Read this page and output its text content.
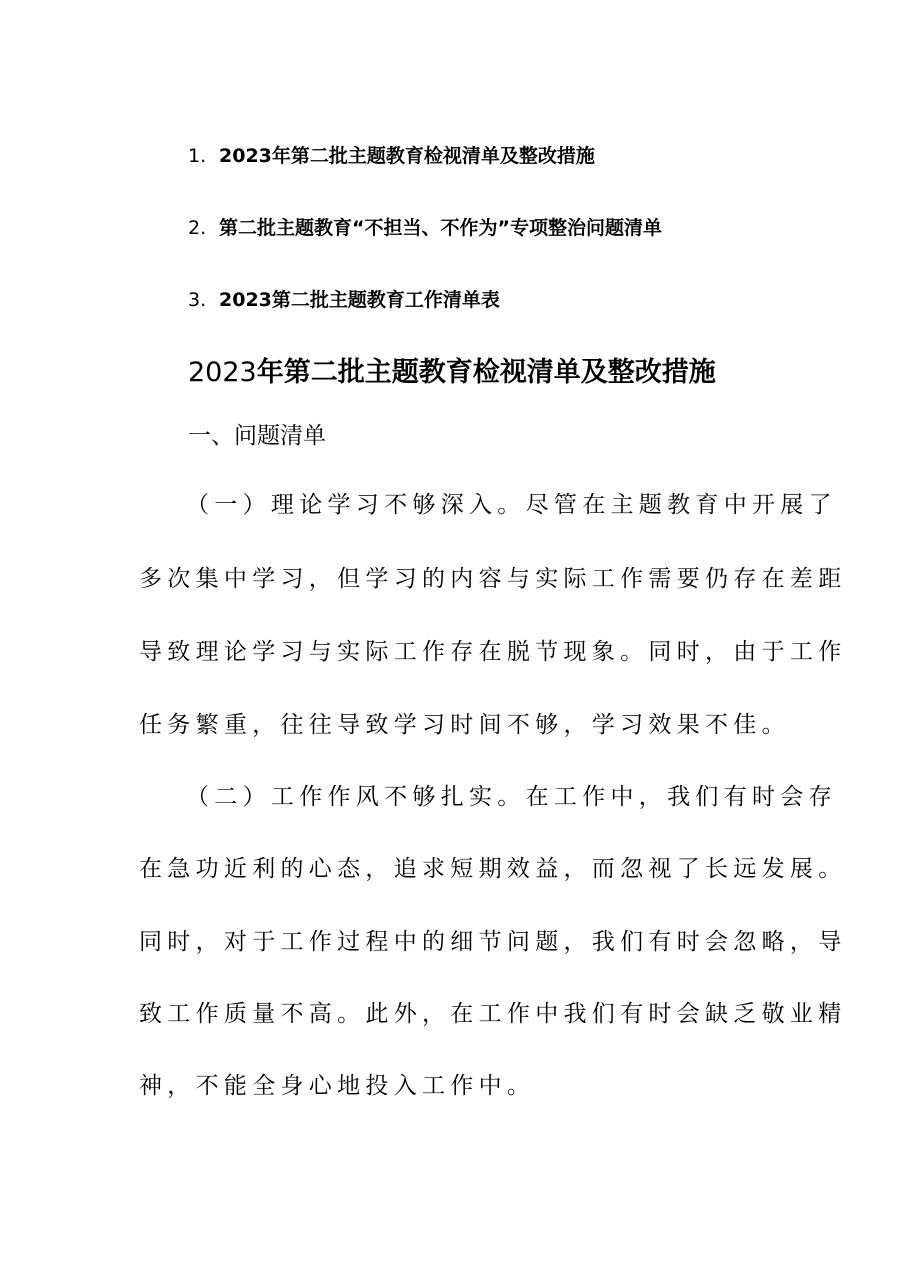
1. 2023年第二批主题教育检视清单及整改措施
2. 第二批主题教育“不担当、不作为”专项整治问题清单
3. 2023第二批主题教育工作清单表
2023年第二批主题教育检视清单及整改措施
一、问题清单
（一）理论学习不够深入。尽管在主题教育中开展了
多次集中学习，但学习的内容与实际工作需要仍存在差距
导致理论学习与实际工作存在脱节现象。同时，由于工作
任务繁重，往往导致学习时间不够，学习效果不佳。
（二）工作作风不够扎实。在工作中，我们有时会存
在急功近利的心态，追求短期效益，而忽视了长远发展。
同时，对于工作过程中的细节问题，我们有时会忽略，导
致工作质量不高。此外，在工作中我们有时会缺乏敬业精
神，不能全身心地投入工作中。
